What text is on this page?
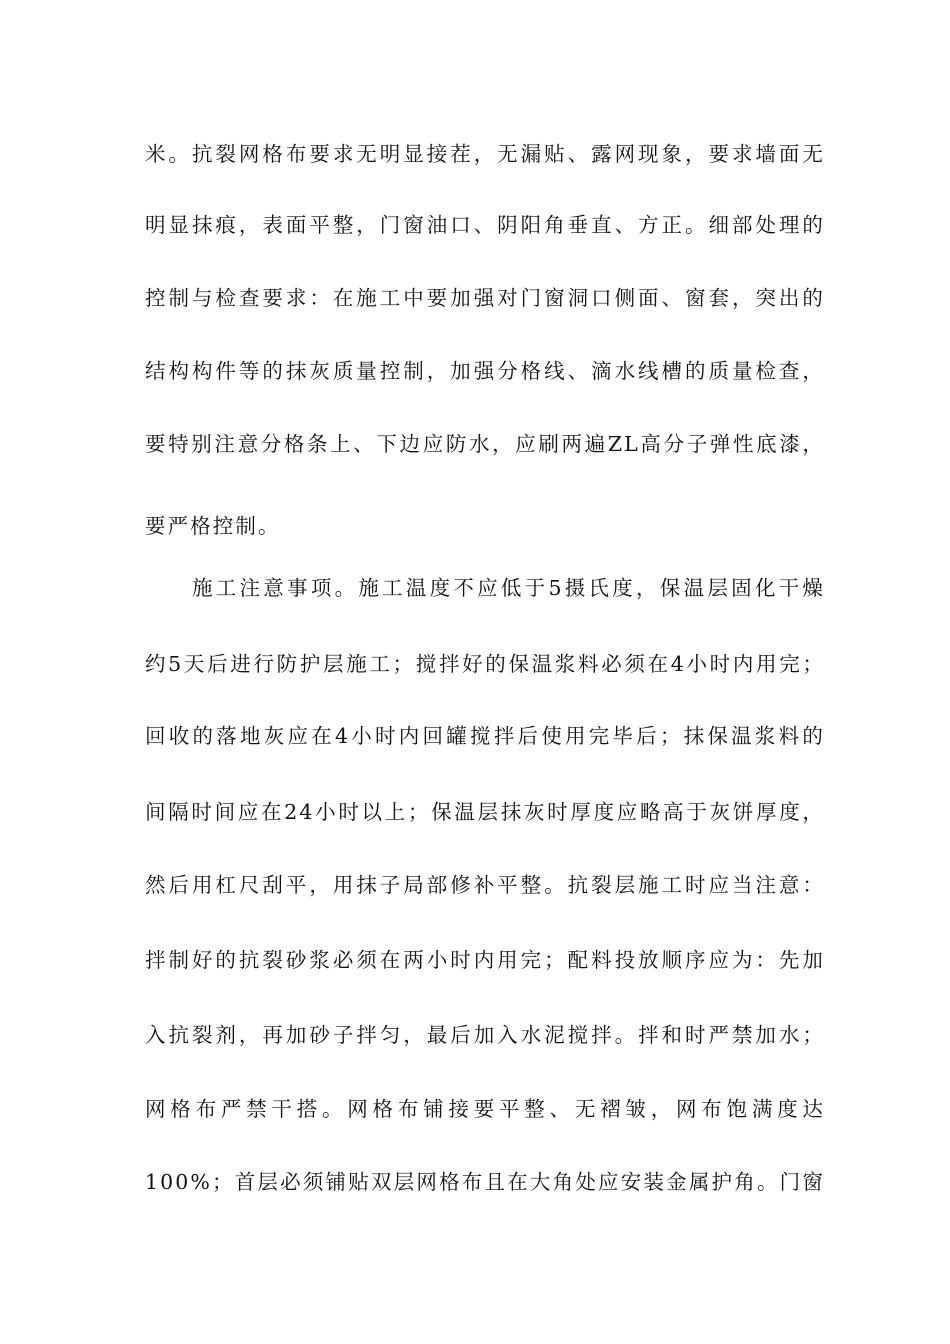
米。抗裂网格布要求无明显接茬，无漏贴、露网现象，要求墙面无
明显抹痕，表面平整，门窗油口、阴阳角垂直、方正。细部处理的
控制与检查要求：在施工中要加强对门窗洞口侧面、窗套，突出的
结构构件等的抹灰质量控制，加强分格线、滴水线槽的质量检查，
要特别注意分格条上、下边应防水，应刷两遍ZL高分子弹性底漆，
要严格控制。
施工注意事项。施工温度不应低于5摄氏度，保温层固化干燥
约5天后进行防护层施工；搅拌好的保温浆料必须在4小时内用完；
回收的落地灰应在4小时内回罐搅拌后使用完毕后；抹保温浆料的
间隔时间应在24小时以上；保温层抹灰时厚度应略高于灰饼厚度，
然后用杠尺刮平，用抹子局部修补平整。抗裂层施工时应当注意：
拌制好的抗裂砂浆必须在两小时内用完；配料投放顺序应为：先加
入抗裂剂，再加砂子拌匀，最后加入水泥搅拌。拌和时严禁加水；
网格布严禁干搭。网格布铺接要平整、无褶皱，网布饱满度达
100%；首层必须铺贴双层网格布且在大角处应安装金属护角。门窗
